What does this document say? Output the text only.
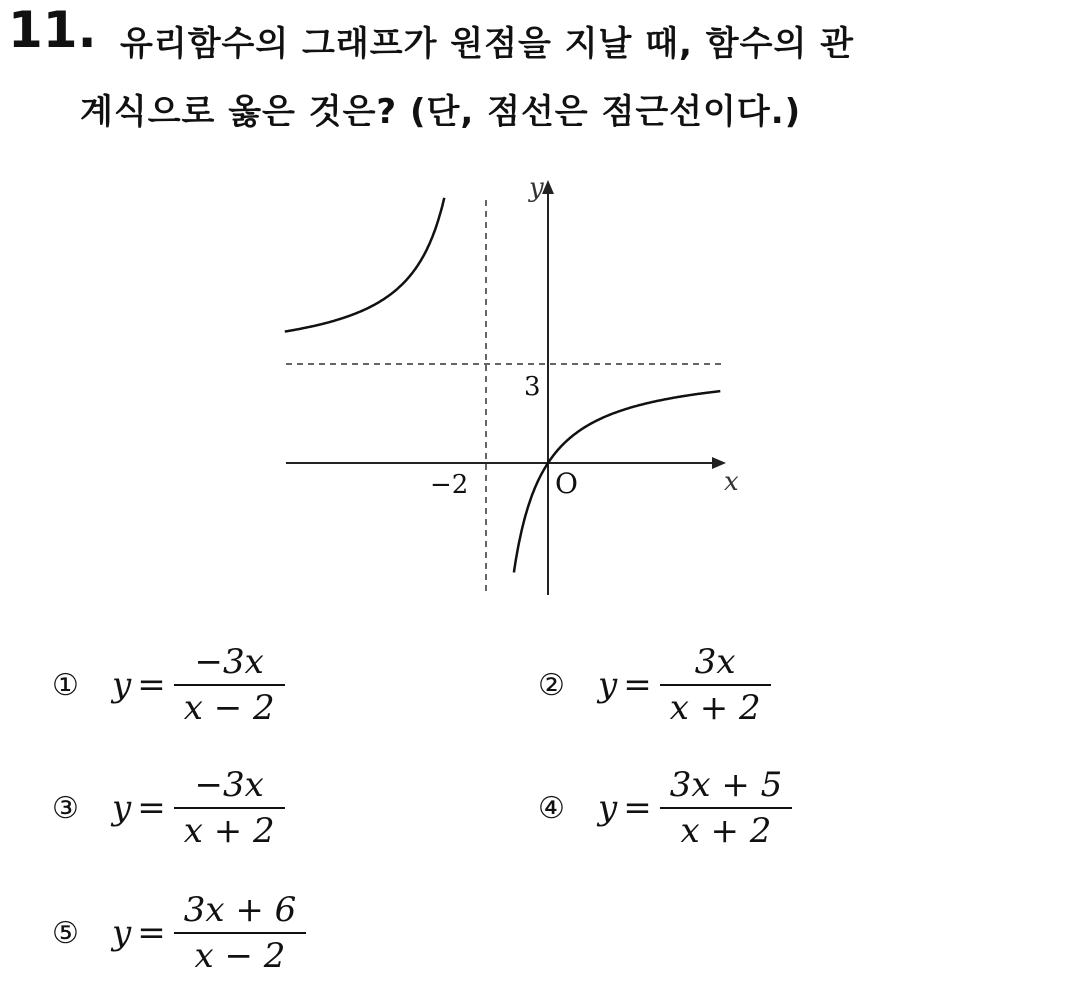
11. 유리함수의 그래프가 원점을 지날 때, 함수의 관
계식으로 옳은 것은? (단, 점선은 점근선이다.)
y
x
O
3
−2
① $y = \frac{-3x}{x - 2}$	② $y = \frac{3x}{x + 2}$
③ $y = \frac{-3x}{x + 2}$	④ $y = \frac{3x + 5}{x + 2}$
⑤ $y = \frac{3x + 6}{x - 2}$
